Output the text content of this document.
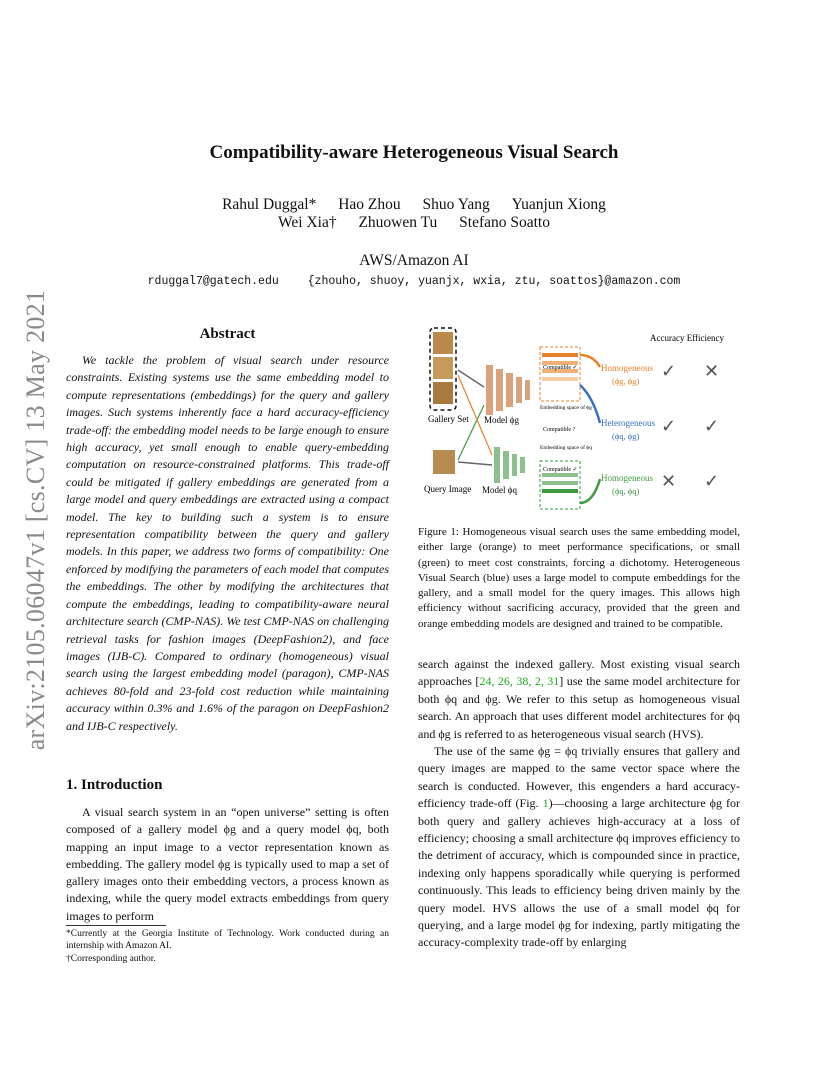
arXiv:2105.06047v1 [cs.CV] 13 May 2021
Compatibility-aware Heterogeneous Visual Search
Rahul Duggal* Hao Zhou Shuo Yang Yuanjun Xiong
Wei Xia† Zhuowen Tu Stefano Soatto
AWS/Amazon AI
rduggal7@gatech.edu	{zhouho, shuoy, yuanjx, wxia, ztu, soattos}@amazon.com
Abstract
We tackle the problem of visual search under resource constraints. Existing systems use the same embedding model to compute representations (embeddings) for the query and gallery images. Such systems inherently face a hard accuracy-efficiency trade-off: the embedding model needs to be large enough to ensure high accuracy, yet small enough to enable query-embedding computation on resource-constrained platforms. This trade-off could be mitigated if gallery embeddings are generated from a large model and query embeddings are extracted using a compact model. The key to building such a system is to ensure representation compatibility between the query and gallery models. In this paper, we address two forms of compatibility: One enforced by modifying the parameters of each model that computes the embeddings. The other by modifying the architectures that compute the embeddings, leading to compatibility-aware neural architecture search (CMP-NAS). We test CMP-NAS on challenging retrieval tasks for fashion images (DeepFashion2), and face images (IJB-C). Compared to ordinary (homogeneous) visual search using the largest embedding model (paragon), CMP-NAS achieves 80-fold and 23-fold cost reduction while maintaining accuracy within 0.3% and 1.6% of the paragon on DeepFashion2 and IJB-C respectively.
1. Introduction
A visual search system in an “open universe” setting is often composed of a gallery model ϕg and a query model ϕq, both mapping an input image to a vector representation known as embedding. The gallery model ϕg is typically used to map a set of gallery images onto their embedding vectors, a process known as indexing, while the query model extracts embeddings from query images to perform
*Currently at the Georgia Institute of Technology. Work conducted during an internship with Amazon AI.
†Corresponding author.
Gallery Set
Query Image
Model ϕg
Model ϕq
Compatible ✓
Embedding space of ϕg
Compatible ?
Embedding space of ϕq
Compatible ✓
Accuracy Efficiency
Homogeneous
(ϕg, ϕg) ✓ ✕
Heterogeneous
(ϕq, ϕg) ✓ ✓
Homogeneous
(ϕq, ϕq) ✕ ✓
Figure 1: Homogeneous visual search uses the same embedding model, either large (orange) to meet performance specifications, or small (green) to meet cost constraints, forcing a dichotomy. Heterogeneous Visual Search (blue) uses a large model to compute embeddings for the gallery, and a small model for the query images. This allows high efficiency without sacrificing accuracy, provided that the green and orange embedding models are designed and trained to be compatible.
search against the indexed gallery. Most existing visual search approaches [24, 26, 38, 2, 31] use the same model architecture for both ϕq and ϕg. We refer to this setup as homogeneous visual search. An approach that uses different model architectures for ϕq and ϕg is referred to as heterogeneous visual search (HVS).
The use of the same ϕg = ϕq trivially ensures that gallery and query images are mapped to the same vector space where the search is conducted. However, this engenders a hard accuracy-efficiency trade-off (Fig. 1)—choosing a large architecture ϕg for both query and gallery achieves high-accuracy at a loss of efficiency; choosing a small architecture ϕq improves efficiency to the detriment of accuracy, which is compounded since in practice, indexing only happens sporadically while querying is performed continuously. This leads to efficiency being driven mainly by the query model. HVS allows the use of a small model ϕq for querying, and a large model ϕg for indexing, partly mitigating the accuracy-complexity trade-off by enlarging
